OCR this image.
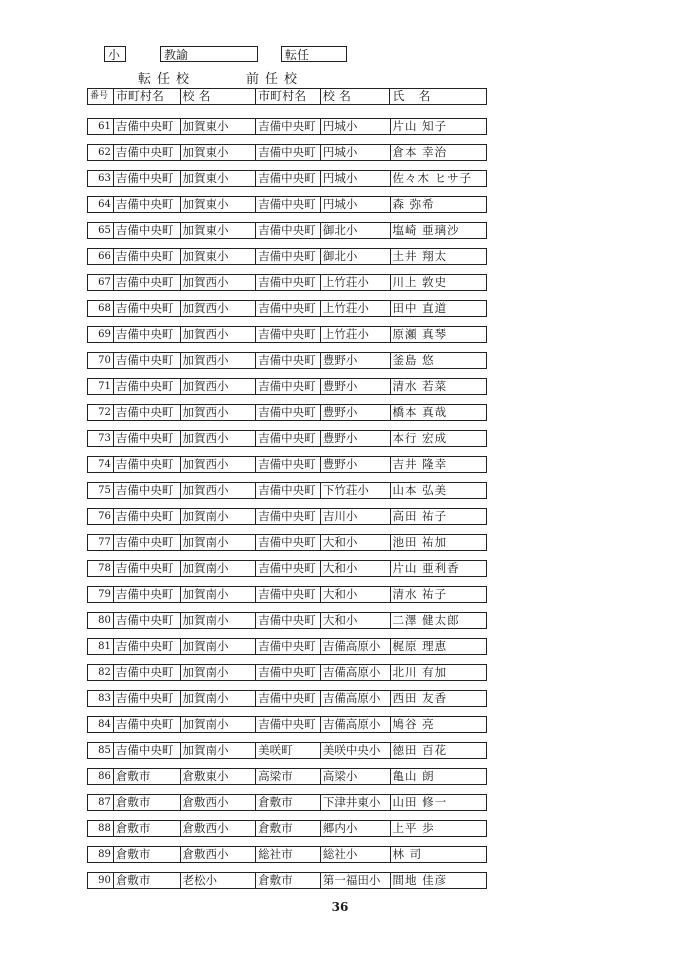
小	教諭	転任
転任校	前任校
番号 市町村名	校名	市町村名	校名	氏名
61 吉備中央町 加賀東小	吉備中央町 円城小	片山 知子
62 吉備中央町 加賀東小	吉備中央町 円城小	倉本 幸治
63 吉備中央町 加賀東小	吉備中央町 円城小	佐々木 ヒサ子
64 吉備中央町 加賀東小	吉備中央町 円城小	森 弥希
65 吉備中央町 加賀東小	吉備中央町 御北小	塩崎 亜璃沙
66 吉備中央町 加賀東小	吉備中央町 御北小	土井 翔太
67 吉備中央町 加賀西小	吉備中央町 上竹荘小	川上 敦史
68 吉備中央町 加賀西小	吉備中央町 上竹荘小	田中 直道
69 吉備中央町 加賀西小	吉備中央町 上竹荘小	原瀬 真琴
70 吉備中央町 加賀西小	吉備中央町 豊野小	釜島 悠
71 吉備中央町 加賀西小	吉備中央町 豊野小	清水 若菜
72 吉備中央町 加賀西小	吉備中央町 豊野小	橋本 真哉
73 吉備中央町 加賀西小	吉備中央町 豊野小	本行 宏成
74 吉備中央町 加賀西小	吉備中央町 豊野小	吉井 隆幸
75 吉備中央町 加賀西小	吉備中央町 下竹荘小	山本 弘美
76 吉備中央町 加賀南小	吉備中央町 吉川小	高田 祐子
77 吉備中央町 加賀南小	吉備中央町 大和小	池田 祐加
78 吉備中央町 加賀南小	吉備中央町 大和小	片山 亜利香
79 吉備中央町 加賀南小	吉備中央町 大和小	清水 祐子
80 吉備中央町 加賀南小	吉備中央町 大和小	二澤 健太郎
81 吉備中央町 加賀南小	吉備中央町 吉備高原小	梶原 理恵
82 吉備中央町 加賀南小	吉備中央町 吉備高原小	北川 有加
83 吉備中央町 加賀南小	吉備中央町 吉備高原小	西田 友香
84 吉備中央町 加賀南小	吉備中央町 吉備高原小	鳩谷 亮
85 吉備中央町 加賀南小	美咲町	美咲中央小	徳田 百花
86 倉敷市	倉敷東小	高梁市	高梁小	亀山 朗
87 倉敷市	倉敷西小	倉敷市	下津井東小	山田 修一
88 倉敷市	倉敷西小	倉敷市	郷内小	上平 歩
89 倉敷市	倉敷西小	総社市	総社小	林 司
90 倉敷市	老松小	倉敷市	第一福田小	間地 佳彦
36
